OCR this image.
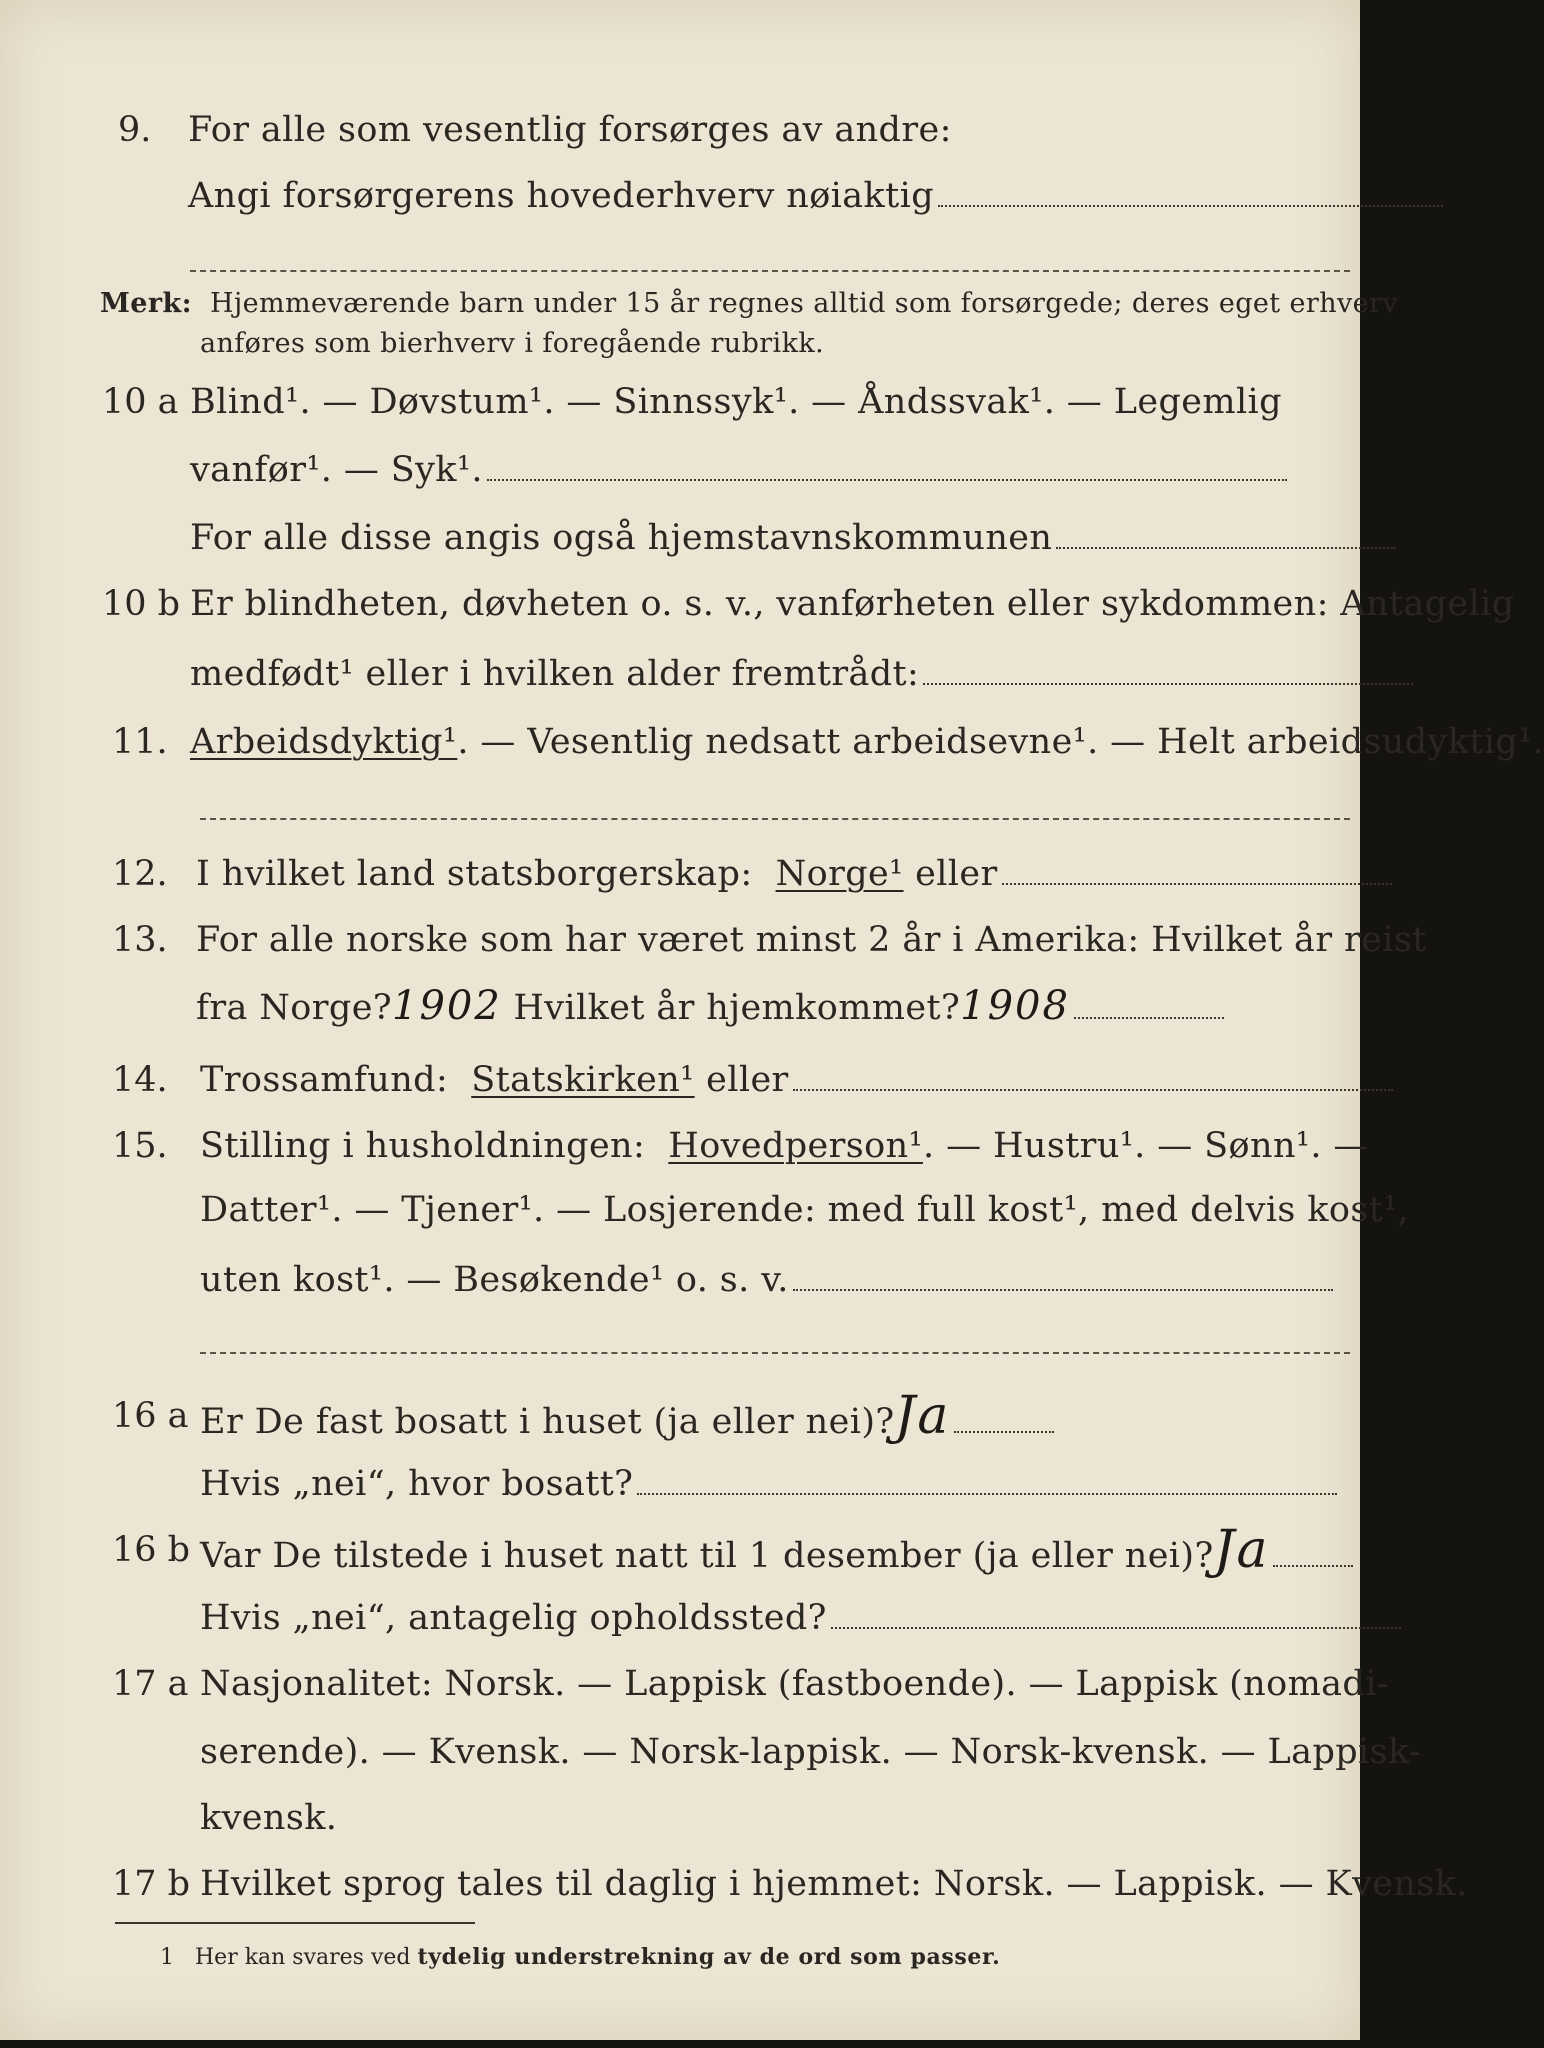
9. For alle som vesentlig forsørges av andre:
Angi forsørgerens hovederhverv nøiaktig
Merk: Hjemmeværende barn under 15 år regnes alltid som forsørgede; deres eget erhverv
anføres som bierhverv i foregående rubrikk.
10 a Blind¹. — Døvstum¹. — Sinnssyk¹. — Åndssvak¹. — Legemlig
vanfør¹. — Syk¹.
For alle disse angis også hjemstavnskommunen
10 b Er blindheten, døvheten o. s. v., vanførheten eller sykdommen: Antagelig
medfødt¹ eller i hvilken alder fremtrådt:
11. Arbeidsdyktig¹. — Vesentlig nedsatt arbeidsevne¹. — Helt arbeidsudyktig¹.
12. I hvilket land statsborgerskap: Norge¹ eller
13. For alle norske som har været minst 2 år i Amerika: Hvilket år reist
fra Norge?1902 Hvilket år hjemkommet?1908
14. Trossamfund: Statskirken¹ eller
15. Stilling i husholdningen: Hovedperson¹. — Hustru¹. — Sønn¹. —
Datter¹. — Tjener¹. — Losjerende: med full kost¹, med delvis kost¹,
uten kost¹. — Besøkende¹ o. s. v.
16 a Er De fast bosatt i huset (ja eller nei)?Ja
Hvis „nei“, hvor bosatt?
16 b Var De tilstede i huset natt til 1 desember (ja eller nei)?Ja
Hvis „nei“, antagelig opholdssted?
17 a Nasjonalitet: Norsk. — Lappisk (fastboende). — Lappisk (nomadi-
serende). — Kvensk. — Norsk-lappisk. — Norsk-kvensk. — Lappisk-
kvensk.
17 b Hvilket sprog tales til daglig i hjemmet: Norsk. — Lappisk. — Kvensk.
1 Her kan svares ved tydelig understrekning av de ord som passer.
